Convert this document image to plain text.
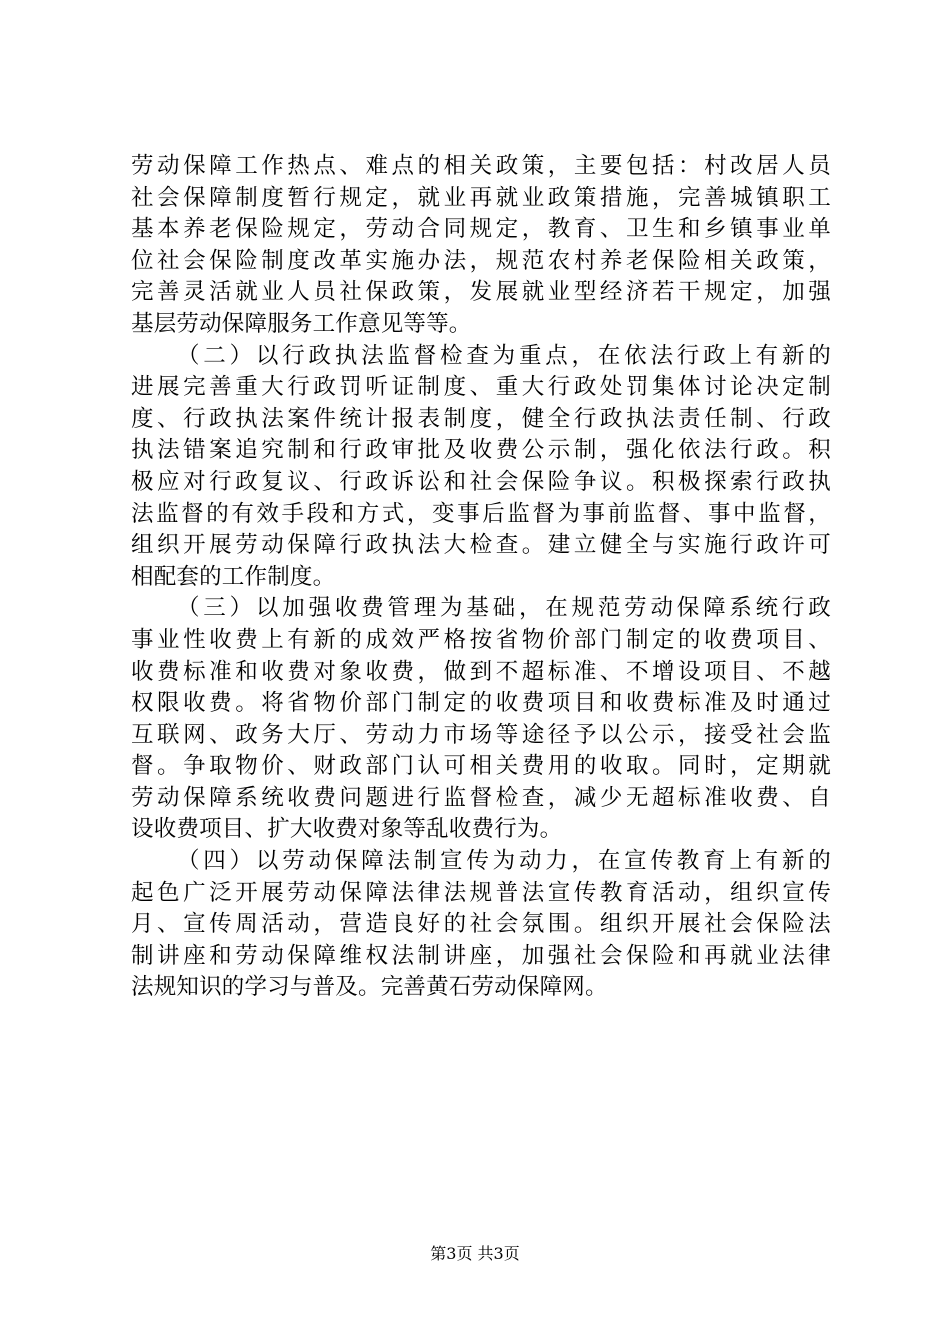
劳动保障工作热点、难点的相关政策，主要包括：村改居人员
社会保障制度暂行规定，就业再就业政策措施，完善城镇职工
基本养老保险规定，劳动合同规定，教育、卫生和乡镇事业单
位社会保险制度改革实施办法，规范农村养老保险相关政策，
完善灵活就业人员社保政策，发展就业型经济若干规定，加强
基层劳动保障服务工作意见等等。
（二）以行政执法监督检查为重点，在依法行政上有新的
进展完善重大行政罚听证制度、重大行政处罚集体讨论决定制
度、行政执法案件统计报表制度，健全行政执法责任制、行政
执法错案追究制和行政审批及收费公示制，强化依法行政。积
极应对行政复议、行政诉讼和社会保险争议。积极探索行政执
法监督的有效手段和方式，变事后监督为事前监督、事中监督，
组织开展劳动保障行政执法大检查。建立健全与实施行政许可
相配套的工作制度。
（三）以加强收费管理为基础，在规范劳动保障系统行政
事业性收费上有新的成效严格按省物价部门制定的收费项目、
收费标准和收费对象收费，做到不超标准、不增设项目、不越
权限收费。将省物价部门制定的收费项目和收费标准及时通过
互联网、政务大厅、劳动力市场等途径予以公示，接受社会监
督。争取物价、财政部门认可相关费用的收取。同时，定期就
劳动保障系统收费问题进行监督检查，减少无超标准收费、自
设收费项目、扩大收费对象等乱收费行为。
（四）以劳动保障法制宣传为动力，在宣传教育上有新的
起色广泛开展劳动保障法律法规普法宣传教育活动，组织宣传
月、宣传周活动，营造良好的社会氛围。组织开展社会保险法
制讲座和劳动保障维权法制讲座，加强社会保险和再就业法律
法规知识的学习与普及。完善黄石劳动保障网。
第3页 共3页
